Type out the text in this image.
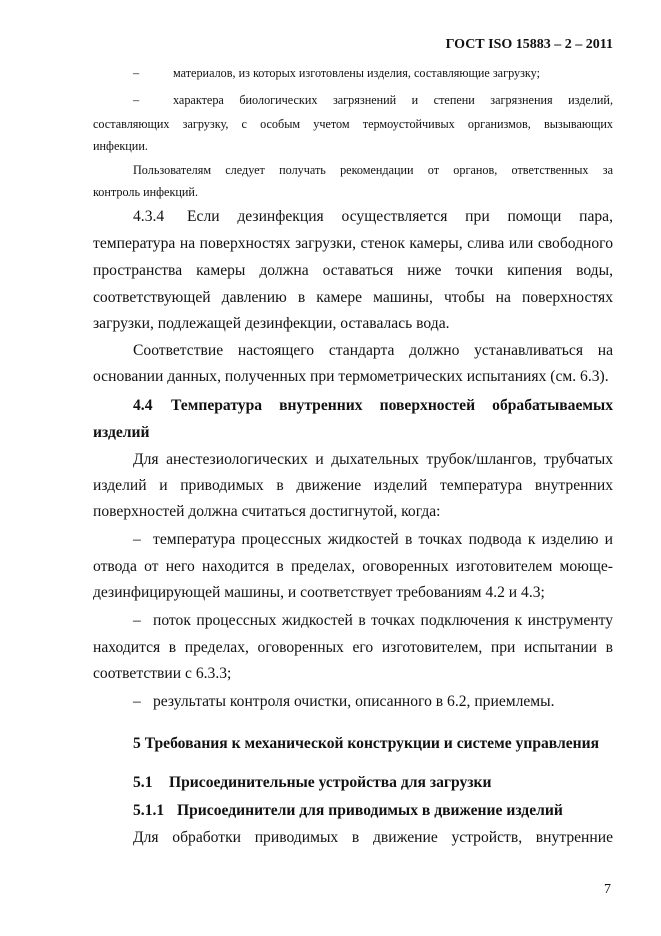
ГОСТ ISO 15883 – 2 – 2011
–	материалов, из которых изготовлены изделия, составляющие загрузку;
–	характера биологических загрязнений и степени загрязнения изделий,
составляющих загрузку, с особым учетом термоустойчивых организмов, вызывающих
инфекции.
Пользователям следует получать рекомендации от органов, ответственных за
контроль инфекций.
4.3.4 Если дезинфекция осуществляется при помощи пара,
температура на поверхностях загрузки, стенок камеры, слива или свободного
пространства камеры должна оставаться ниже точки кипения воды,
соответствующей давлению в камере машины, чтобы на поверхностях
загрузки, подлежащей дезинфекции, оставалась вода.
Соответствие настоящего стандарта должно устанавливаться на
основании данных, полученных при термометрических испытаниях (см. 6.3).
4.4 Температура внутренних поверхностей обрабатываемых
изделий
Для анестезиологических и дыхательных трубок/шлангов, трубчатых
изделий и приводимых в движение изделий температура внутренних
поверхностей должна считаться достигнутой, когда:
– температура процессных жидкостей в точках подвода к изделию и
отвода от него находится в пределах, оговоренных изготовителем моюще-
дезинфицирующей машины, и соответствует требованиям 4.2 и 4.3;
– поток процессных жидкостей в точках подключения к инструменту
находится в пределах, оговоренных его изготовителем, при испытании в
соответствии с 6.3.3;
– результаты контроля очистки, описанного в 6.2, приемлемы.
5 Требования к механической конструкции и системе управления
5.1 Присоединительные устройства для загрузки
5.1.1 Присоединители для приводимых в движение изделий
Для обработки приводимых в движение устройств, внутренние
7
